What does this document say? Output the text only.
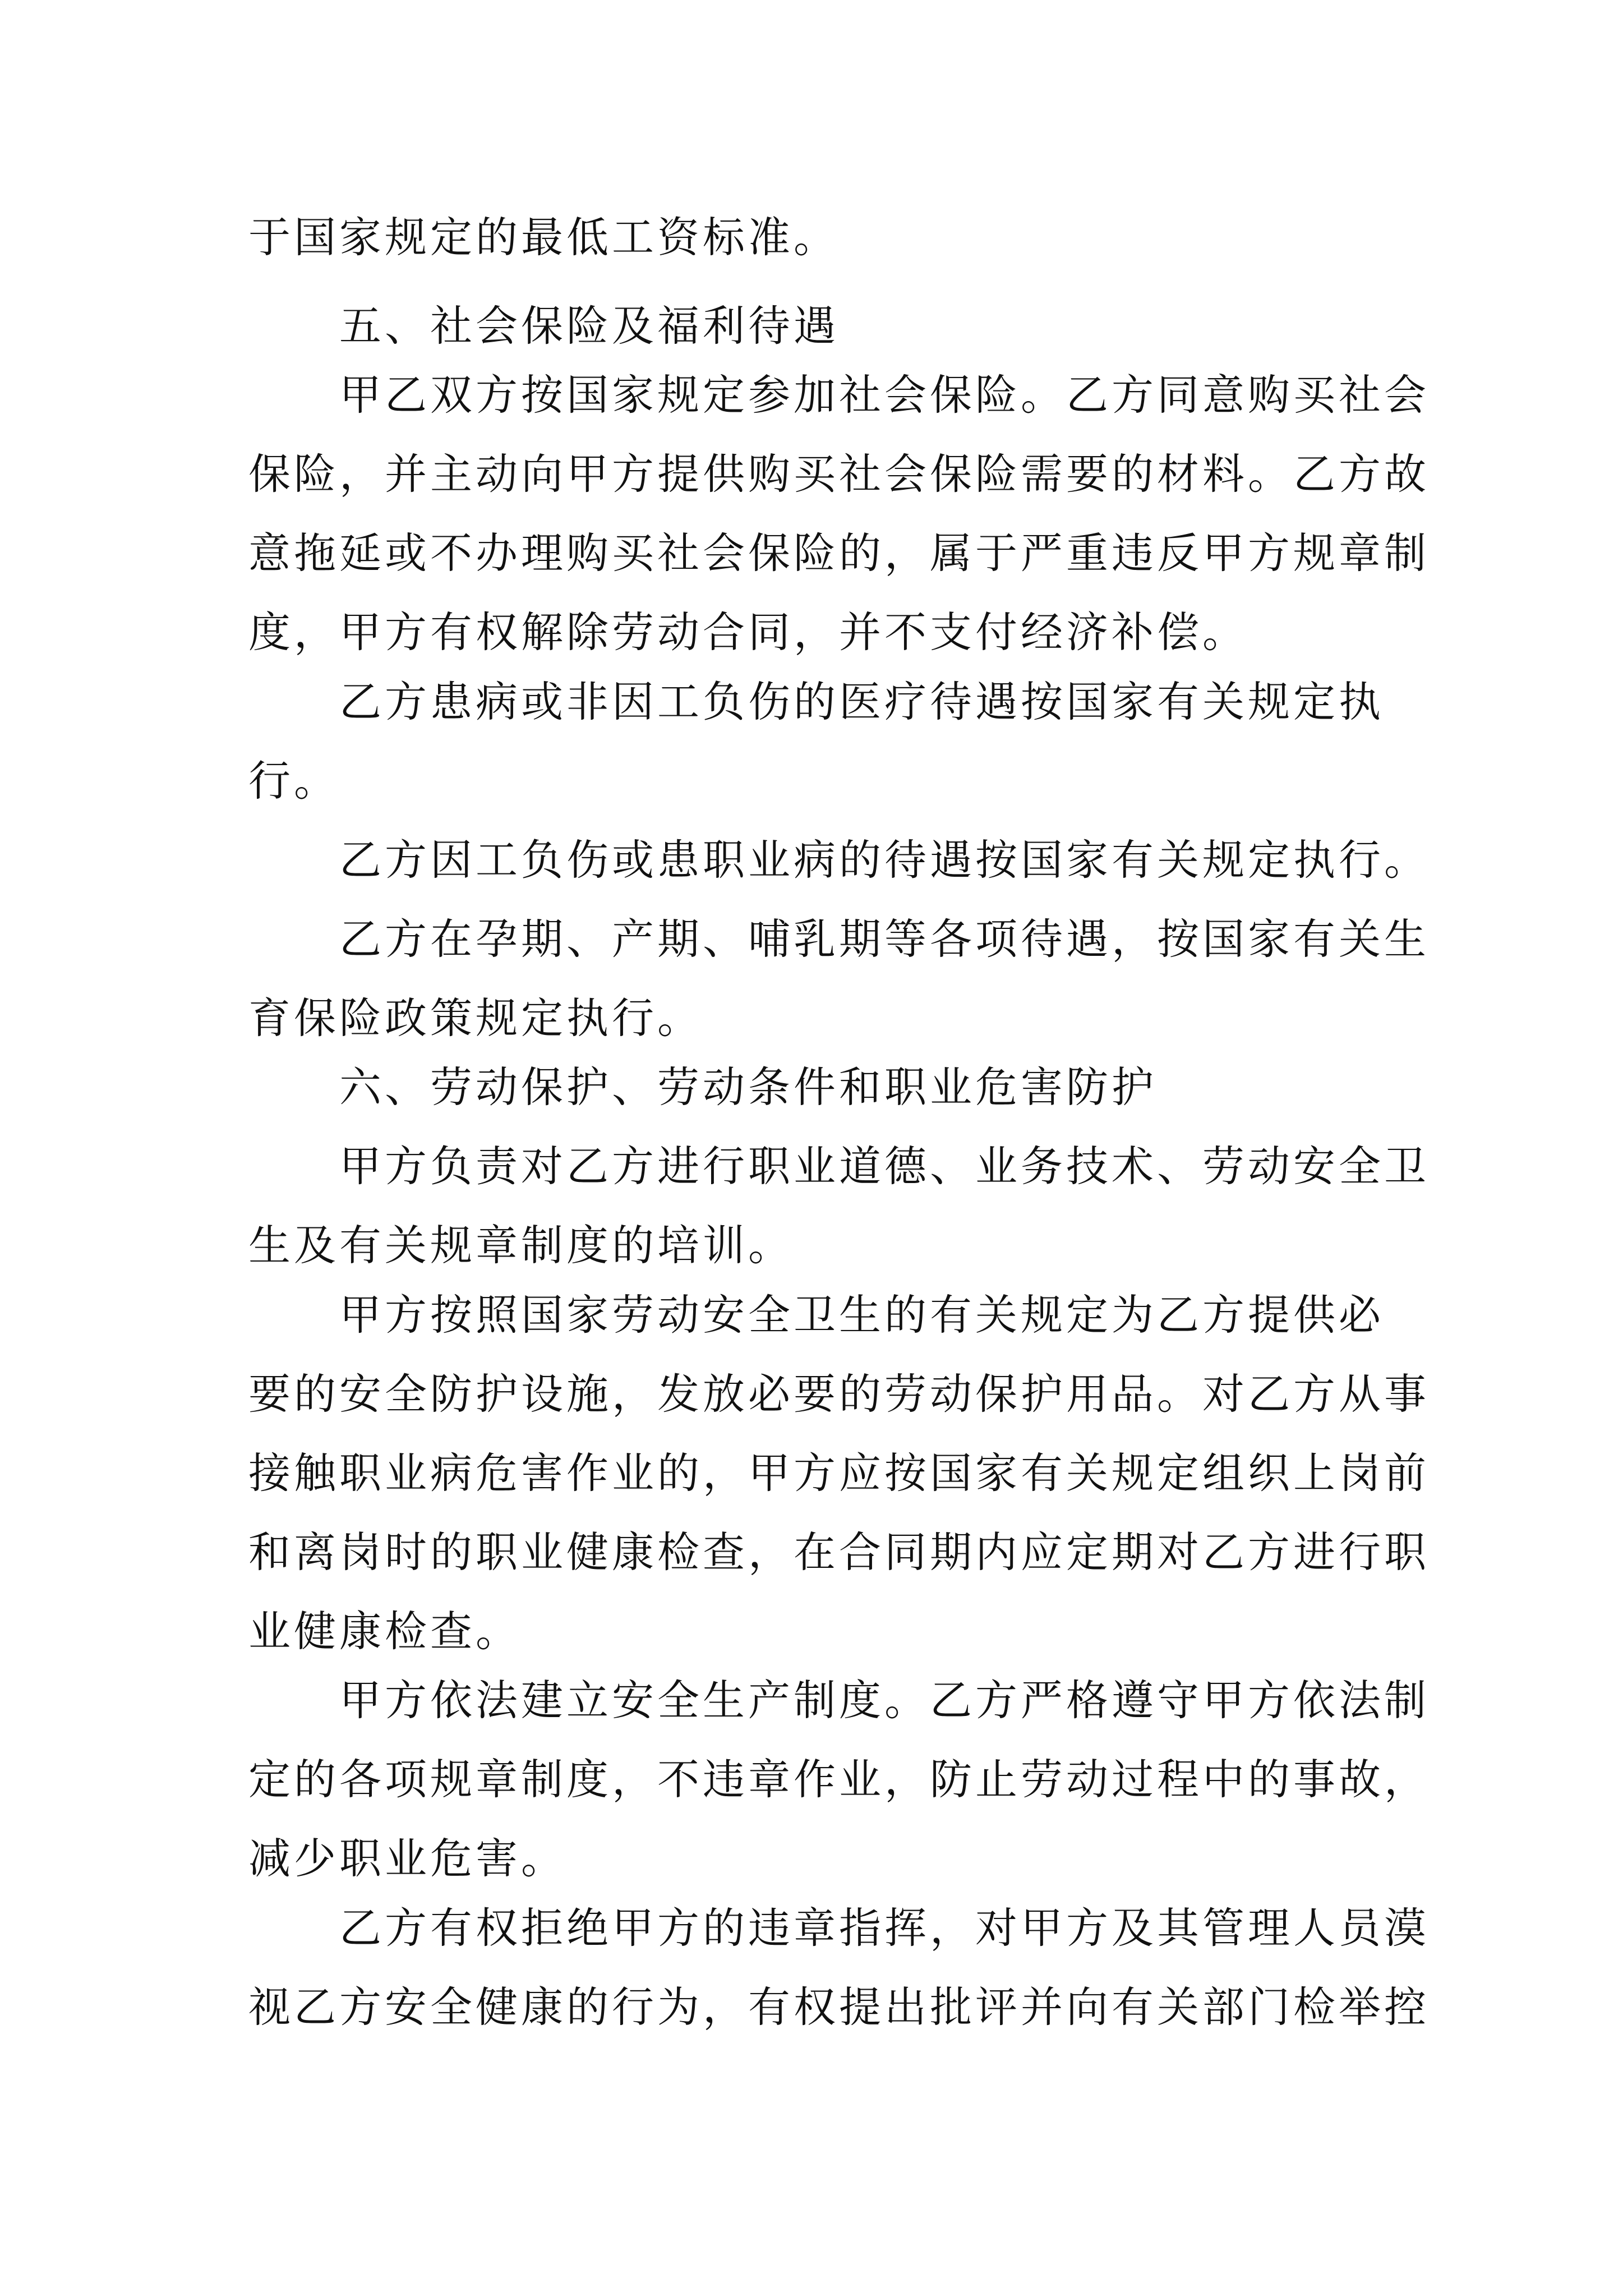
于国家规定的最低工资标准。
　　五、社会保险及福利待遇
　　甲乙双方按国家规定参加社会保险。乙方同意购买社会
保险，并主动向甲方提供购买社会保险需要的材料。乙方故
意拖延或不办理购买社会保险的，属于严重违反甲方规章制
度，甲方有权解除劳动合同，并不支付经济补偿。
　　乙方患病或非因工负伤的医疗待遇按国家有关规定执
行。
　　乙方因工负伤或患职业病的待遇按国家有关规定执行。
　　乙方在孕期、产期、哺乳期等各项待遇，按国家有关生
育保险政策规定执行。
　　六、劳动保护、劳动条件和职业危害防护
　　甲方负责对乙方进行职业道德、业务技术、劳动安全卫
生及有关规章制度的培训。
　　甲方按照国家劳动安全卫生的有关规定为乙方提供必
要的安全防护设施，发放必要的劳动保护用品。对乙方从事
接触职业病危害作业的，甲方应按国家有关规定组织上岗前
和离岗时的职业健康检查，在合同期内应定期对乙方进行职
业健康检查。
　　甲方依法建立安全生产制度。乙方严格遵守甲方依法制
定的各项规章制度，不违章作业，防止劳动过程中的事故，
减少职业危害。
　　乙方有权拒绝甲方的违章指挥，对甲方及其管理人员漠
视乙方安全健康的行为，有权提出批评并向有关部门检举控
